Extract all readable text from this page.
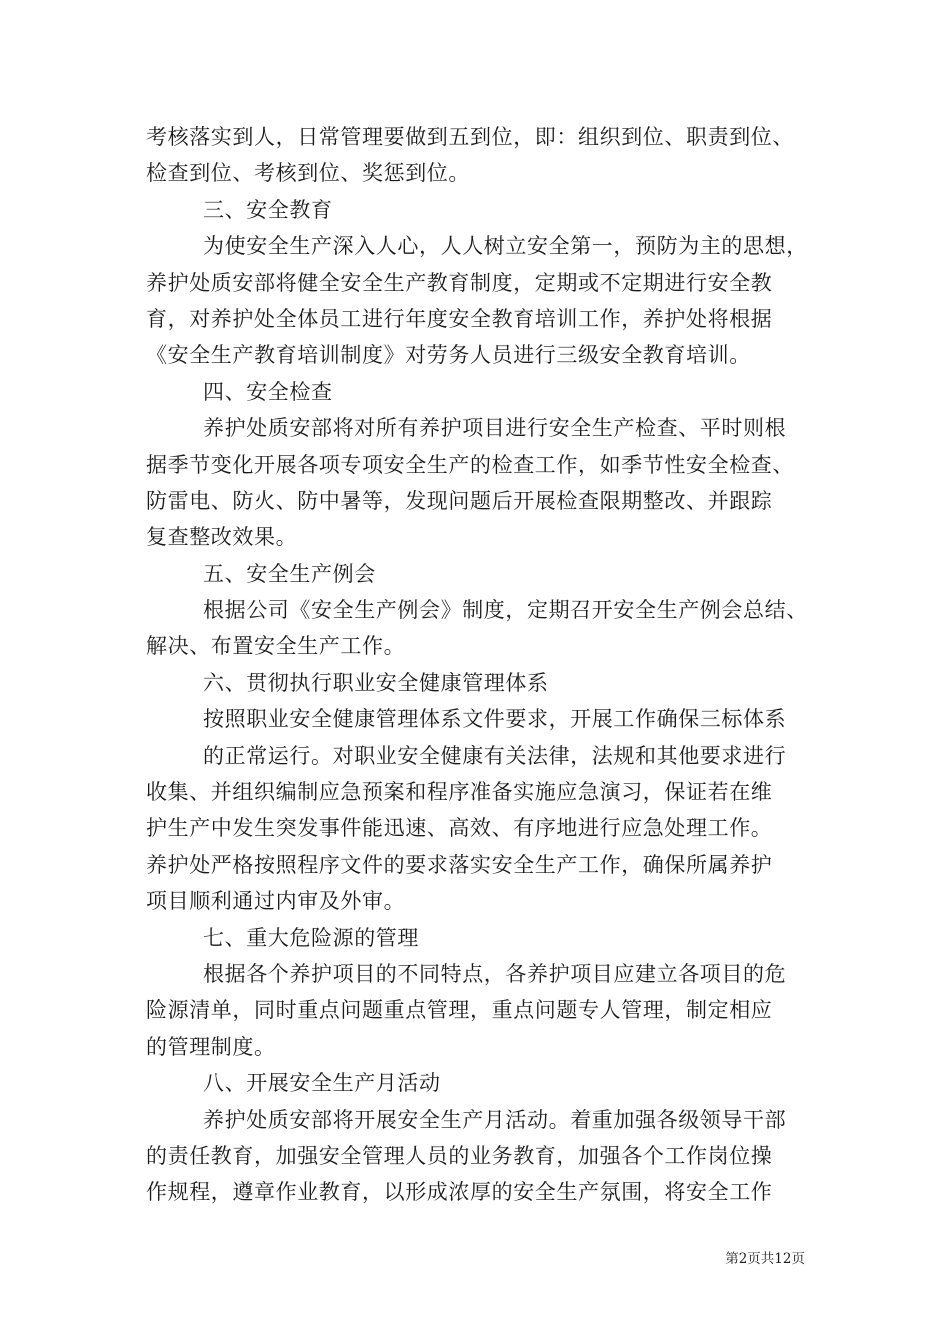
考核落实到人，日常管理要做到五到位，即：组织到位、职责到位、
检查到位、考核到位、奖惩到位。
三、安全教育
为使安全生产深入人心，人人树立安全第一，预防为主的思想，
养护处质安部将健全安全生产教育制度，定期或不定期进行安全教
育，对养护处全体员工进行年度安全教育培训工作，养护处将根据
《安全生产教育培训制度》对劳务人员进行三级安全教育培训。
四、安全检查
养护处质安部将对所有养护项目进行安全生产检查、平时则根
据季节变化开展各项专项安全生产的检查工作，如季节性安全检查、
防雷电、防火、防中暑等，发现问题后开展检查限期整改、并跟踪
复查整改效果。
五、安全生产例会
根据公司《安全生产例会》制度，定期召开安全生产例会总结、
解决、布置安全生产工作。
六、贯彻执行职业安全健康管理体系
按照职业安全健康管理体系文件要求，开展工作确保三标体系
的正常运行。对职业安全健康有关法律，法规和其他要求进行
收集、并组织编制应急预案和程序准备实施应急演习，保证若在维
护生产中发生突发事件能迅速、高效、有序地进行应急处理工作。
养护处严格按照程序文件的要求落实安全生产工作，确保所属养护
项目顺利通过内审及外审。
七、重大危险源的管理
根据各个养护项目的不同特点，各养护项目应建立各项目的危
险源清单，同时重点问题重点管理，重点问题专人管理，制定相应
的管理制度。
八、开展安全生产月活动
养护处质安部将开展安全生产月活动。着重加强各级领导干部
的责任教育，加强安全管理人员的业务教育，加强各个工作岗位操
作规程，遵章作业教育，以形成浓厚的安全生产氛围，将安全工作
第2页共12页
